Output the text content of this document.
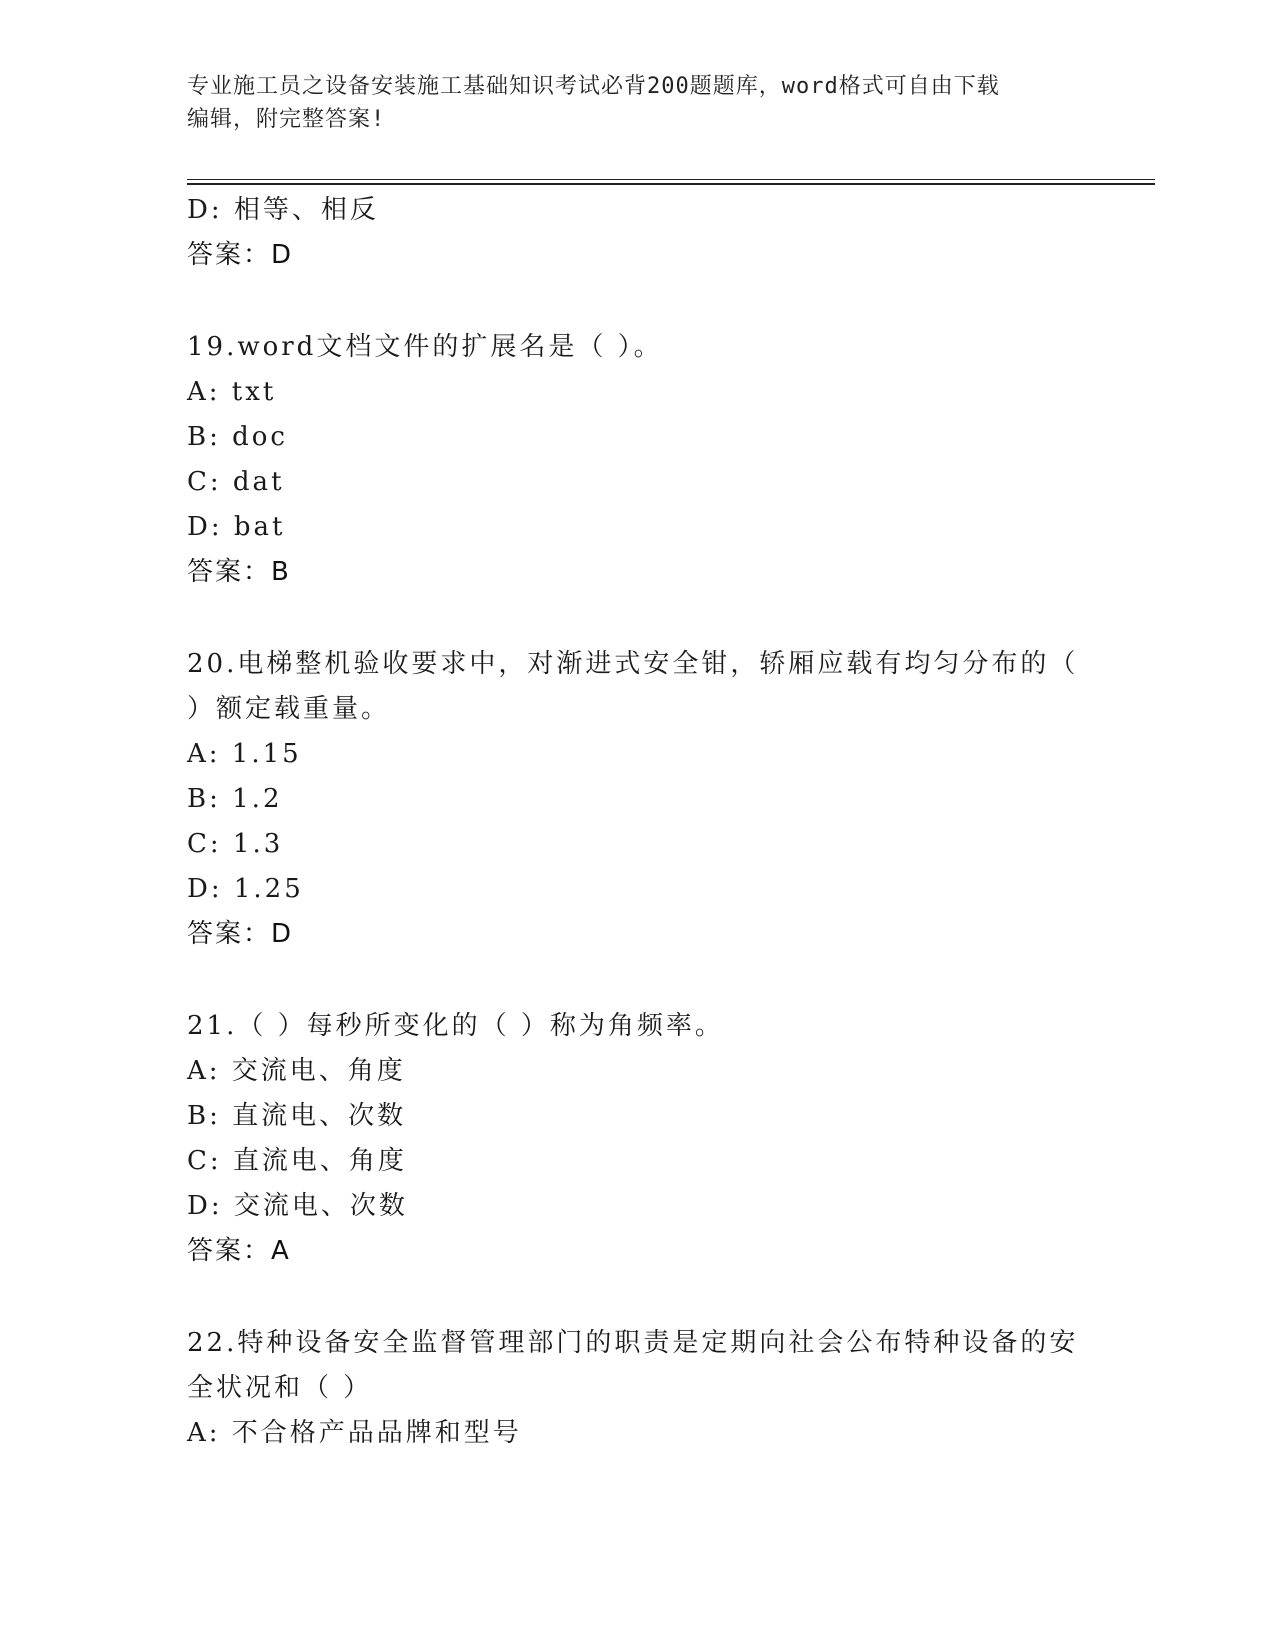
专业施工员之设备安装施工基础知识考试必背200题题库，word格式可自由下载
编辑，附完整答案!
D: 相等、相反
答案：D
19.word文档文件的扩展名是（ ）。
A: txt
B: doc
C: dat
D: bat
答案：B
20.电梯整机验收要求中，对渐进式安全钳，轿厢应载有均匀分布的（
）额定载重量。
A: 1.15
B: 1.2
C: 1.3
D: 1.25
答案：D
21.（ ）每秒所变化的（ ）称为角频率。
A: 交流电、角度
B: 直流电、次数
C: 直流电、角度
D: 交流电、次数
答案：A
22.特种设备安全监督管理部门的职责是定期向社会公布特种设备的安
全状况和（ ）
A: 不合格产品品牌和型号
